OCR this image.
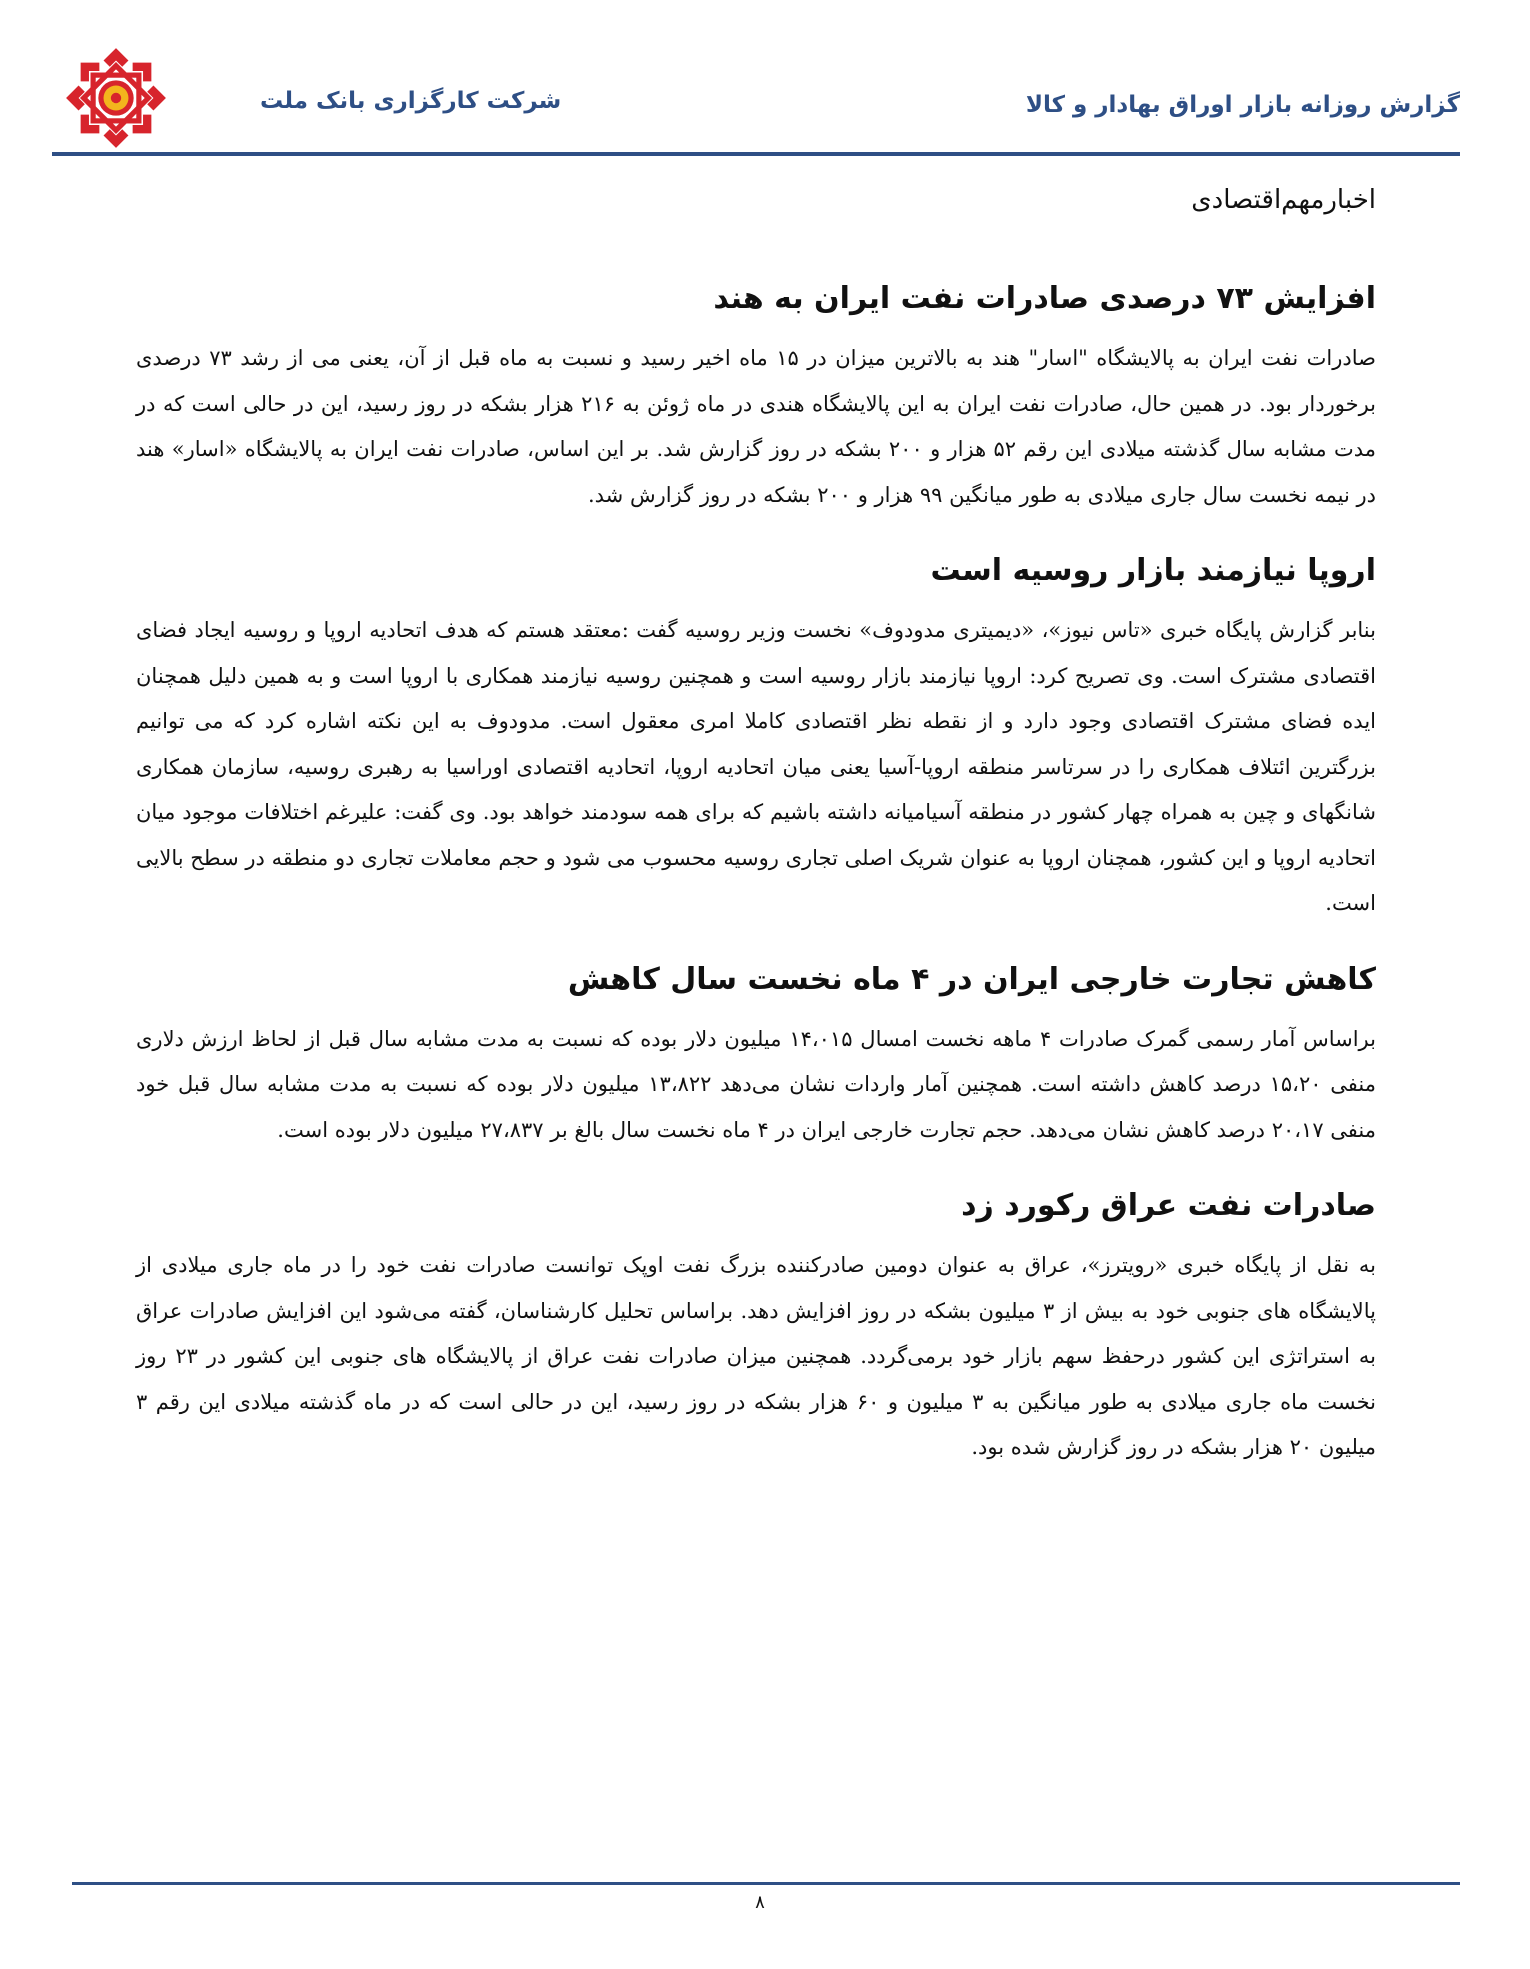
شرکت کارگزاری بانک ملت	گزارش روزانه بازار اوراق بهادار و کالا
اخبارمهم‌اقتصادی
افزایش ۷۳ درصدی صادرات نفت ایران به هند

صادرات نفت ایران به پالایشگاه "اسار" هند به بالاترین میزان در ۱۵ ماه اخیر رسید و نسبت به ماه قبل از آن، یعنی می از رشد ۷۳ درصدی برخوردار بود. در همین حال، صادرات نفت ایران به این پالایشگاه هندی در ماه ژوئن به ۲۱۶ هزار بشکه در روز رسید، این در حالی است که در مدت مشابه سال گذشته میلادی این رقم ۵۲ هزار و ۲۰۰ بشکه در روز گزارش شد. بر این اساس، صادرات نفت ایران به پالایشگاه «اسار» هند در نیمه نخست سال جاری میلادی به طور میانگین ۹۹ هزار و ۲۰۰ بشکه در روز گزارش شد.

اروپا نیازمند بازار روسیه است

بنابر گزارش پایگاه خبری «تاس نیوز»، «دیمیتری مدودوف» نخست وزیر روسیه گفت :معتقد هستم که هدف اتحادیه اروپا و روسیه ایجاد فضای اقتصادی مشترک است. وی تصریح کرد: اروپا نیازمند بازار روسیه است و همچنین روسیه نیازمند همکاری با اروپا است و به همین دلیل همچنان ایده فضای مشترک اقتصادی وجود دارد و از نقطه نظر اقتصادی کاملا امری معقول است. مدودوف به این نکته اشاره کرد که می توانیم بزرگترین ائتلاف همکاری را در سرتاسر منطقه اروپا-آسیا یعنی میان اتحادیه اروپا، اتحادیه اقتصادی اوراسیا به رهبری روسیه، سازمان همکاری شانگهای و چین به همراه چهار کشور در منطقه آسیامیانه داشته باشیم که برای همه سودمند خواهد بود. وی گفت: علیرغم اختلافات موجود میان اتحادیه اروپا و این کشور، همچنان اروپا به عنوان شریک اصلی تجاری روسیه محسوب می شود و حجم معاملات تجاری دو منطقه در سطح بالایی است.

کاهش تجارت خارجی ایران در ۴ ماه نخست سال کاهش

براساس آمار رسمی گمرک صادرات ۴ ماهه نخست امسال ۱۴،۰۱۵ میلیون دلار بوده که نسبت به مدت مشابه سال قبل از لحاظ ارزش دلاری منفی ۱۵،۲۰ درصد کاهش داشته است. همچنین آمار واردات نشان می‌دهد ۱۳،۸۲۲ میلیون دلار بوده که نسبت به مدت مشابه سال قبل خود منفی ۲۰،۱۷ درصد کاهش نشان می‌دهد. حجم تجارت خارجی ایران در ۴ ماه نخست سال بالغ بر ۲۷،۸۳۷ میلیون دلار بوده است.

صادرات نفت عراق رکورد زد

به نقل از پایگاه خبری «رویترز»، عراق به عنوان دومین صادرکننده بزرگ نفت اوپک توانست صادرات نفت خود را در ماه جاری میلادی از پالایشگاه های جنوبی خود به بیش از ۳ میلیون بشکه در روز افزایش دهد. براساس تحلیل کارشناسان، گفته می‌شود این افزایش صادرات عراق به استراتژی این کشور درحفظ سهم بازار خود برمی‌گردد. همچنین میزان صادرات نفت عراق از پالایشگاه های جنوبی این کشور در ۲۳ روز نخست ماه جاری میلادی به طور میانگین به ۳ میلیون و ۶۰ هزار بشکه در روز رسید، این در حالی است که در ماه گذشته میلادی این رقم ۳ میلیون ۲۰ هزار بشکه در روز گزارش شده بود.

۸
